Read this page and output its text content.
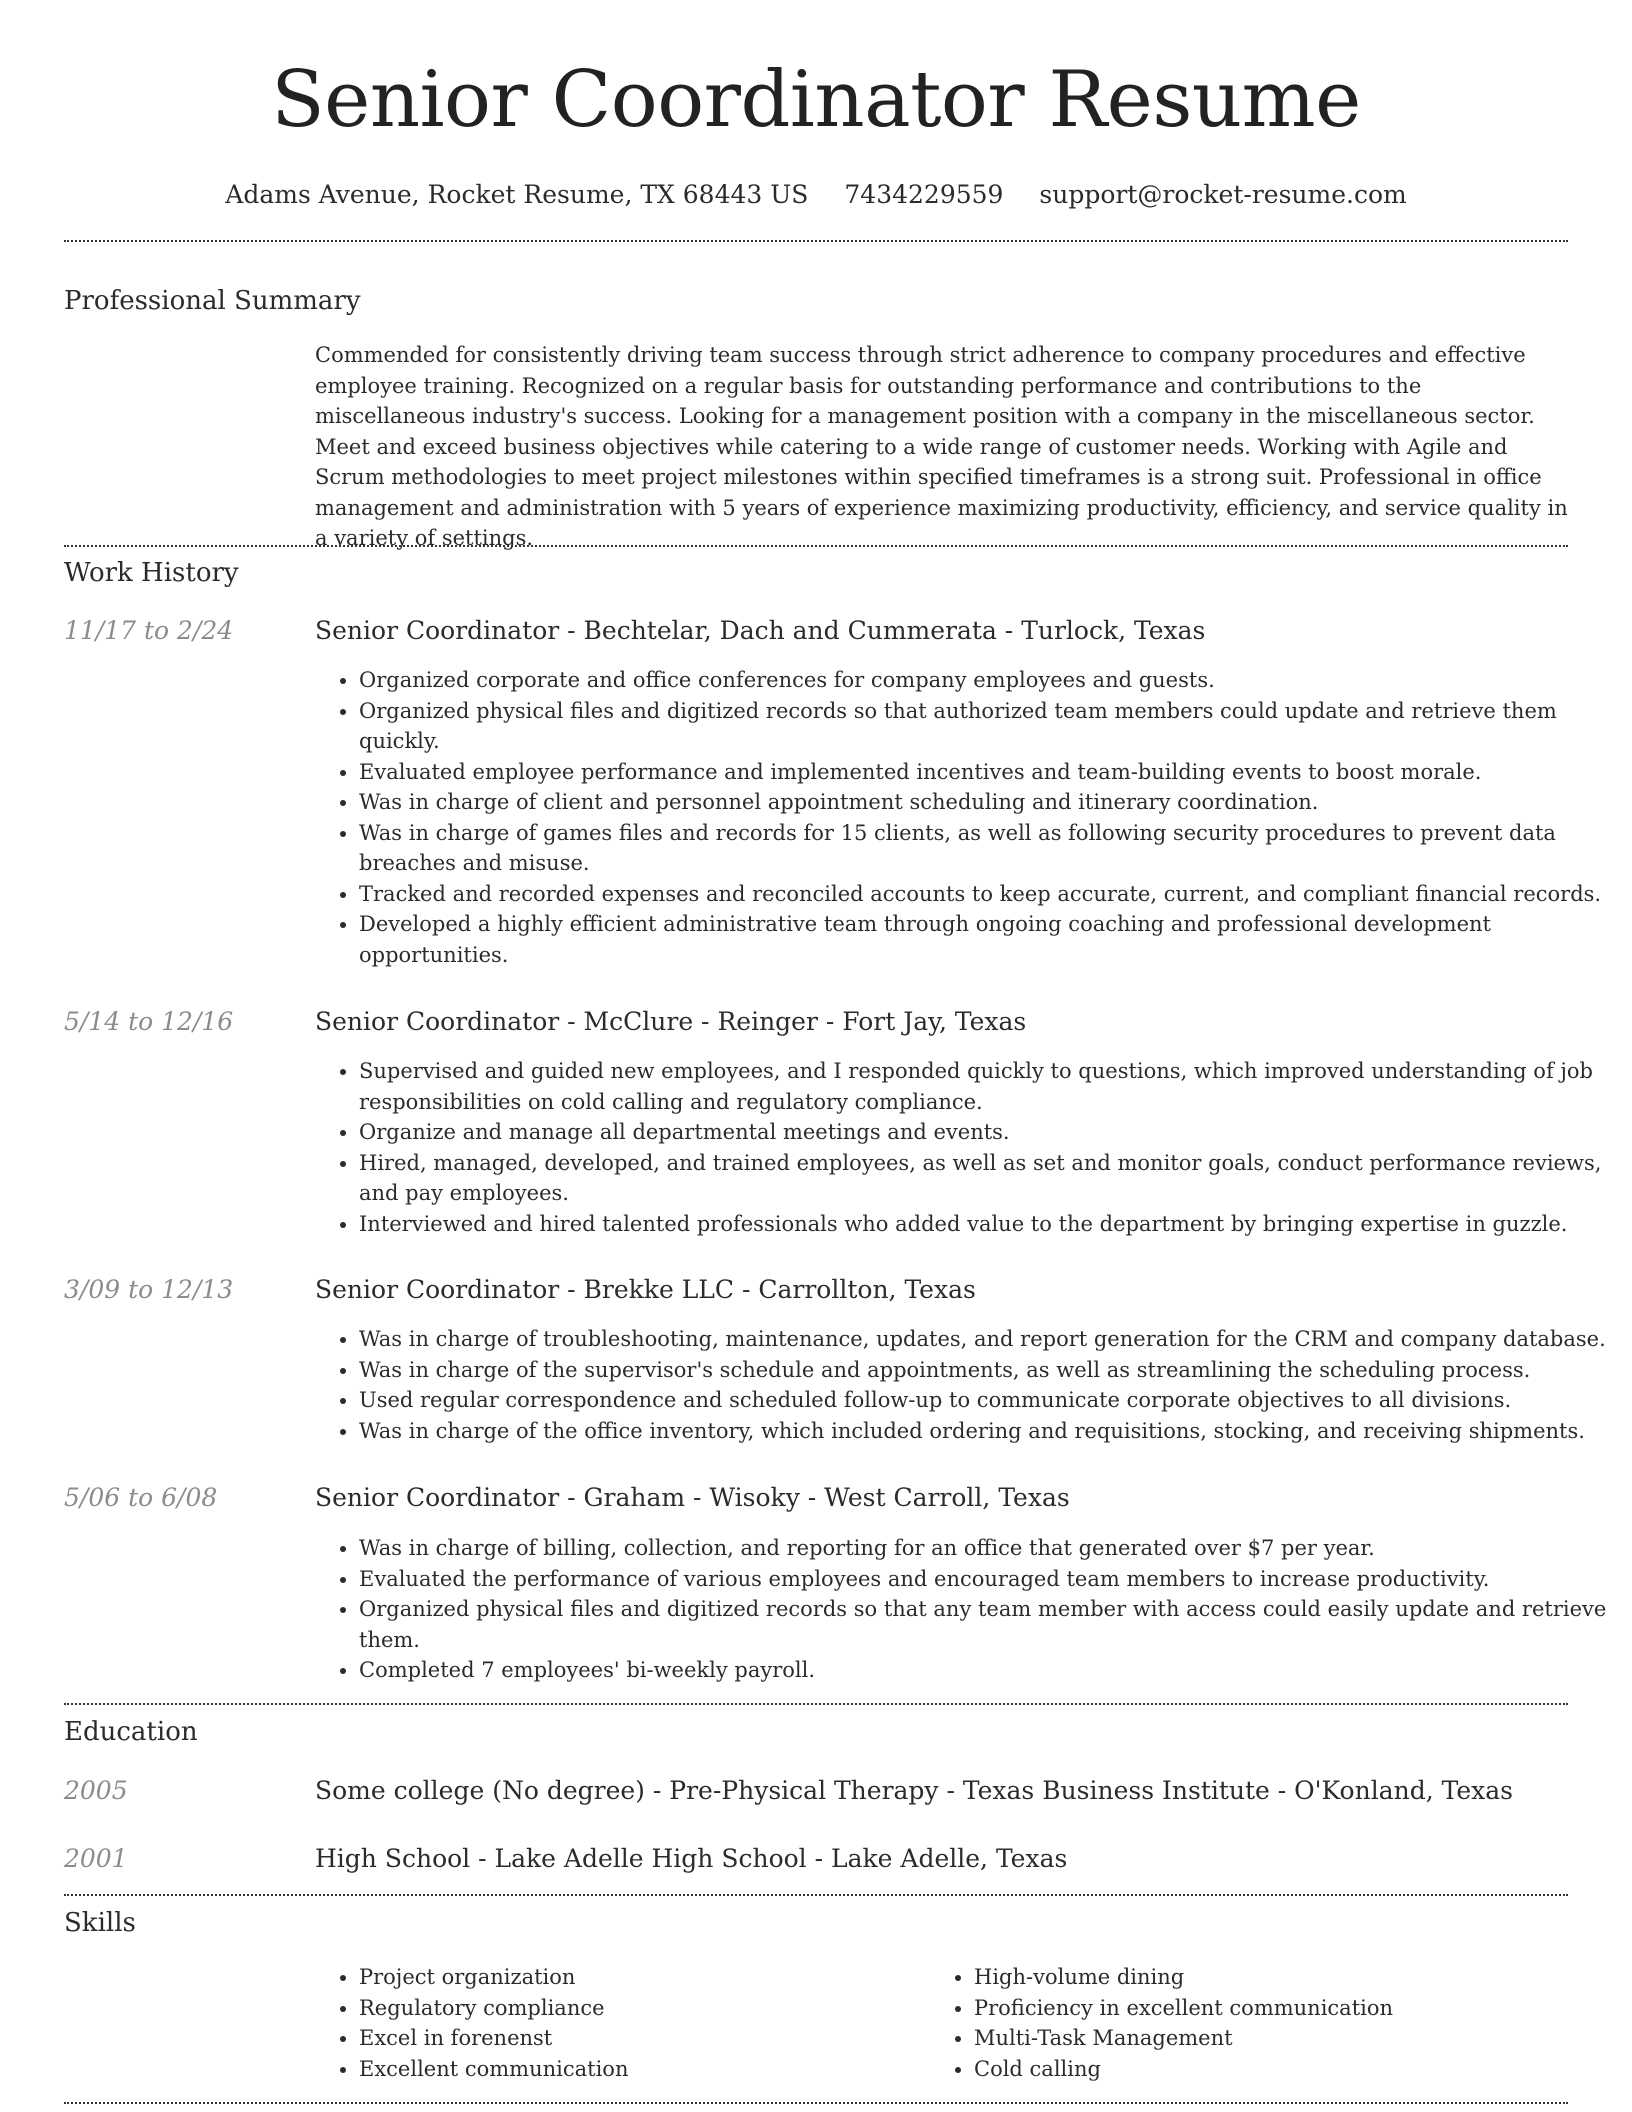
Senior Coordinator Resume
Adams Avenue, Rocket Resume, TX 68443 US 7434229559 support@rocket-resume.com
Professional Summary
Commended for consistently driving team success through strict adherence to company procedures and effective employee training. Recognized on a regular basis for outstanding performance and contributions to the miscellaneous industry's success. Looking for a management position with a company in the miscellaneous sector. Meet and exceed business objectives while catering to a wide range of customer needs. Working with Agile and Scrum methodologies to meet project milestones within specified timeframes is a strong suit. Professional in office management and administration with 5 years of experience maximizing productivity, efficiency, and service quality in a variety of settings.
Work History
11/17 to 2/24	Senior Coordinator - Bechtelar, Dach and Cummerata - Turlock, Texas
• Organized corporate and office conferences for company employees and guests.
• Organized physical files and digitized records so that authorized team members could update and retrieve them quickly.
• Evaluated employee performance and implemented incentives and team-building events to boost morale.
• Was in charge of client and personnel appointment scheduling and itinerary coordination.
• Was in charge of games files and records for 15 clients, as well as following security procedures to prevent data breaches and misuse.
• Tracked and recorded expenses and reconciled accounts to keep accurate, current, and compliant financial records.
• Developed a highly efficient administrative team through ongoing coaching and professional development opportunities.
5/14 to 12/16	Senior Coordinator - McClure - Reinger - Fort Jay, Texas
• Supervised and guided new employees, and I responded quickly to questions, which improved understanding of job responsibilities on cold calling and regulatory compliance.
• Organize and manage all departmental meetings and events.
• Hired, managed, developed, and trained employees, as well as set and monitor goals, conduct performance reviews, and pay employees.
• Interviewed and hired talented professionals who added value to the department by bringing expertise in guzzle.
3/09 to 12/13	Senior Coordinator - Brekke LLC - Carrollton, Texas
• Was in charge of troubleshooting, maintenance, updates, and report generation for the CRM and company database.
• Was in charge of the supervisor's schedule and appointments, as well as streamlining the scheduling process.
• Used regular correspondence and scheduled follow-up to communicate corporate objectives to all divisions.
• Was in charge of the office inventory, which included ordering and requisitions, stocking, and receiving shipments.
5/06 to 6/08	Senior Coordinator - Graham - Wisoky - West Carroll, Texas
• Was in charge of billing, collection, and reporting for an office that generated over $7 per year.
• Evaluated the performance of various employees and encouraged team members to increase productivity.
• Organized physical files and digitized records so that any team member with access could easily update and retrieve them.
• Completed 7 employees' bi-weekly payroll.
Education
2005	Some college (No degree) - Pre-Physical Therapy - Texas Business Institute - O'Konland, Texas
2001	High School - Lake Adelle High School - Lake Adelle, Texas
Skills
• Project organization
• Regulatory compliance
• Excel in forenenst
• Excellent communication
• High-volume dining
• Proficiency in excellent communication
• Multi-Task Management
• Cold calling
